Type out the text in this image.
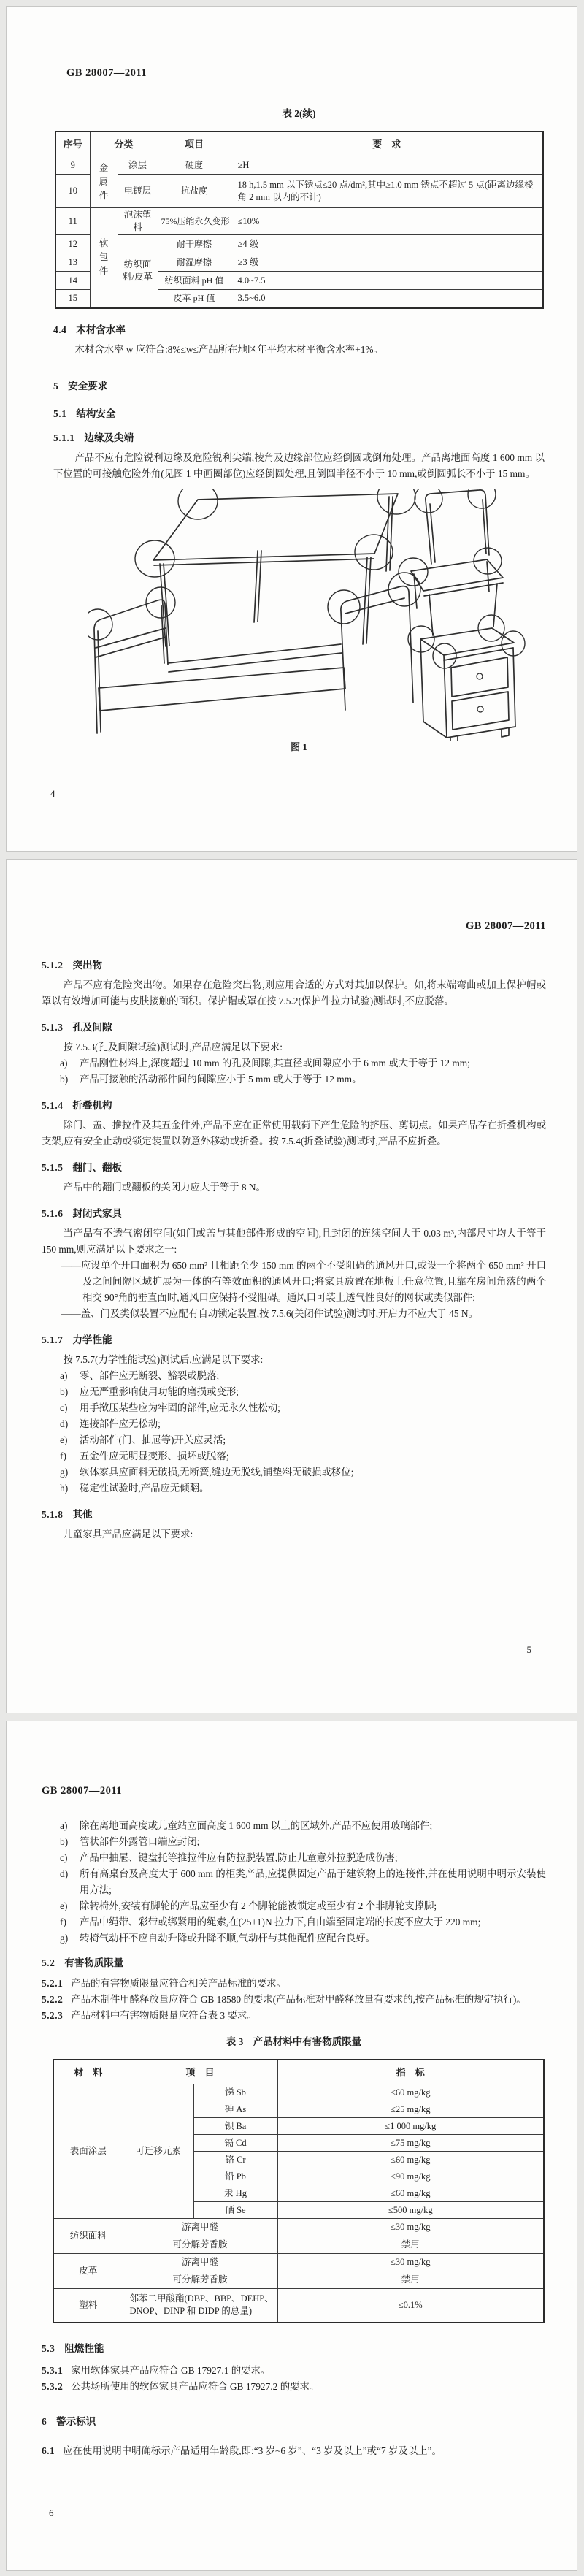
GB 28007—2011

表 2(续)

序号	分类		项目	要　求
9	金属件	涂层	硬度	≥H
10		电镀层	抗盐度	18 h,1.5 mm 以下锈点≤20 点/dm²,其中≥1.0 mm 锈点不超过 5 点(距离边缘棱角 2 mm 以内的不计)
11	软包件	泡沫塑料	75%压缩永久变形	≤10%
12		纺织面料/皮革	耐干摩擦	≥4 级
13			耐湿摩擦	≥3 级
14			纺织面料 pH 值	4.0~7.5
15			皮革 pH 值	3.5~6.0

4.4 木材含水率

木材含水率 w 应符合:8%≤w≤产品所在地区年平均木材平衡含水率+1%。

5 安全要求

5.1 结构安全

5.1.1 边缘及尖端

产品不应有危险锐利边缘及危险锐利尖端,棱角及边缘部位应经倒圆或倒角处理。产品离地面高度 1 600 mm 以下位置的可接触危险外角(见图 1 中画圈部位)应经倒圆处理,且倒圆半径不小于 10 mm,或倒圆弧长不小于 15 mm。

图 1

4
GB 28007—2011

5.1.2 突出物

产品不应有危险突出物。如果存在危险突出物,则应用合适的方式对其加以保护。如,将末端弯曲或加上保护帽或罩以有效增加可能与皮肤接触的面积。保护帽或罩在按 7.5.2(保护件拉力试验)测试时,不应脱落。

5.1.3 孔及间隙

按 7.5.3(孔及间隙试验)测试时,产品应满足以下要求:

a)	产品刚性材料上,深度超过 10 mm 的孔及间隙,其直径或间隙应小于 6 mm 或大于等于 12 mm;
b)	产品可接触的活动部件间的间隙应小于 5 mm 或大于等于 12 mm。

5.1.4 折叠机构

除门、盖、推拉件及其五金件外,产品不应在正常使用载荷下产生危险的挤压、剪切点。如果产品存在折叠机构或支架,应有安全止动或锁定装置以防意外移动或折叠。按 7.5.4(折叠试验)测试时,产品不应折叠。

5.1.5 翻门、翻板

产品中的翻门或翻板的关闭力应大于等于 8 N。

5.1.6 封闭式家具

当产品有不透气密闭空间(如门或盖与其他部件形成的空间),且封闭的连续空间大于 0.03 m³,内部尺寸均大于等于 150 mm,则应满足以下要求之一:

——应设单个开口面积为 650 mm² 且相距至少 150 mm 的两个不受阻碍的通风开口,或设一个将两个 650 mm² 开口及之间间隔区域扩展为一体的有等效面积的通风开口;将家具放置在地板上任意位置,且靠在房间角落的两个相交 90°角的垂直面时,通风口应保持不受阻碍。通风口可装上透气性良好的网状或类似部件;

——盖、门及类似装置不应配有自动锁定装置,按 7.5.6(关闭件试验)测试时,开启力不应大于 45 N。

5.1.7 力学性能

按 7.5.7(力学性能试验)测试后,应满足以下要求:

a)	零、部件应无断裂、豁裂或脱落;
b)	应无严重影响使用功能的磨损或变形;
c)	用手揿压某些应为牢固的部件,应无永久性松动;
d)	连接部件应无松动;
e)	活动部件(门、抽屉等)开关应灵活;
f)	五金件应无明显变形、损坏或脱落;
g)	软体家具应面料无破损,无断簧,缝边无脱线,铺垫料无破损或移位;
h)	稳定性试验时,产品应无倾翻。

5.1.8 其他

儿童家具产品应满足以下要求:

5
GB 28007—2011
a)	除在离地面高度或儿童站立面高度 1 600 mm 以上的区域外,产品不应使用玻璃部件;
b)	管状部件外露管口端应封闭;
c)	产品中抽屉、键盘托等推拉件应有防拉脱装置,防止儿童意外拉脱造成伤害;
d)	所有高桌台及高度大于 600 mm 的柜类产品,应提供固定产品于建筑物上的连接件,并在使用说明中明示安装使用方法;
e)	除转椅外,安装有脚轮的产品应至少有 2 个脚轮能被锁定或至少有 2 个非脚轮支撑脚;
f)	产品中绳带、彩带或绑紧用的绳索,在(25±1)N 拉力下,自由端至固定端的长度不应大于 220 mm;
g)	转椅气动杆不应自动升降或升降不顺,气动杆与其他配件应配合良好。

5.2 有害物质限量

5.2.1 产品的有害物质限量应符合相关产品标准的要求。

5.2.2 产品木制件甲醛释放量应符合 GB 18580 的要求(产品标准对甲醛释放量有要求的,按产品标准的规定执行)。

5.2.3 产品材料中有害物质限量应符合表 3 要求。

表 3　产品材料中有害物质限量

材　料	项　目		指　标
表面涂层	可迁移元素	锑 Sb	≤60 mg/kg
		砷 As	≤25 mg/kg
		钡 Ba	≤1 000 mg/kg
		镉 Cd	≤75 mg/kg
		铬 Cr	≤60 mg/kg
		铅 Pb	≤90 mg/kg
		汞 Hg	≤60 mg/kg
		硒 Se	≤500 mg/kg
纺织面料	游离甲醛		≤30 mg/kg
	可分解芳香胺		禁用
皮革	游离甲醛		≤30 mg/kg
	可分解芳香胺		禁用
塑料	邻苯二甲酸酯(DBP、BBP、DEHP、DNOP、DINP 和 DIDP 的总量)		≤0.1%

5.3 阻燃性能

5.3.1 家用软体家具产品应符合 GB 17927.1 的要求。

5.3.2 公共场所使用的软体家具产品应符合 GB 17927.2 的要求。

6 警示标识

6.1 应在使用说明中明确标示产品适用年龄段,即:“3 岁~6 岁”、“3 岁及以上”或“7 岁及以上”。

6
